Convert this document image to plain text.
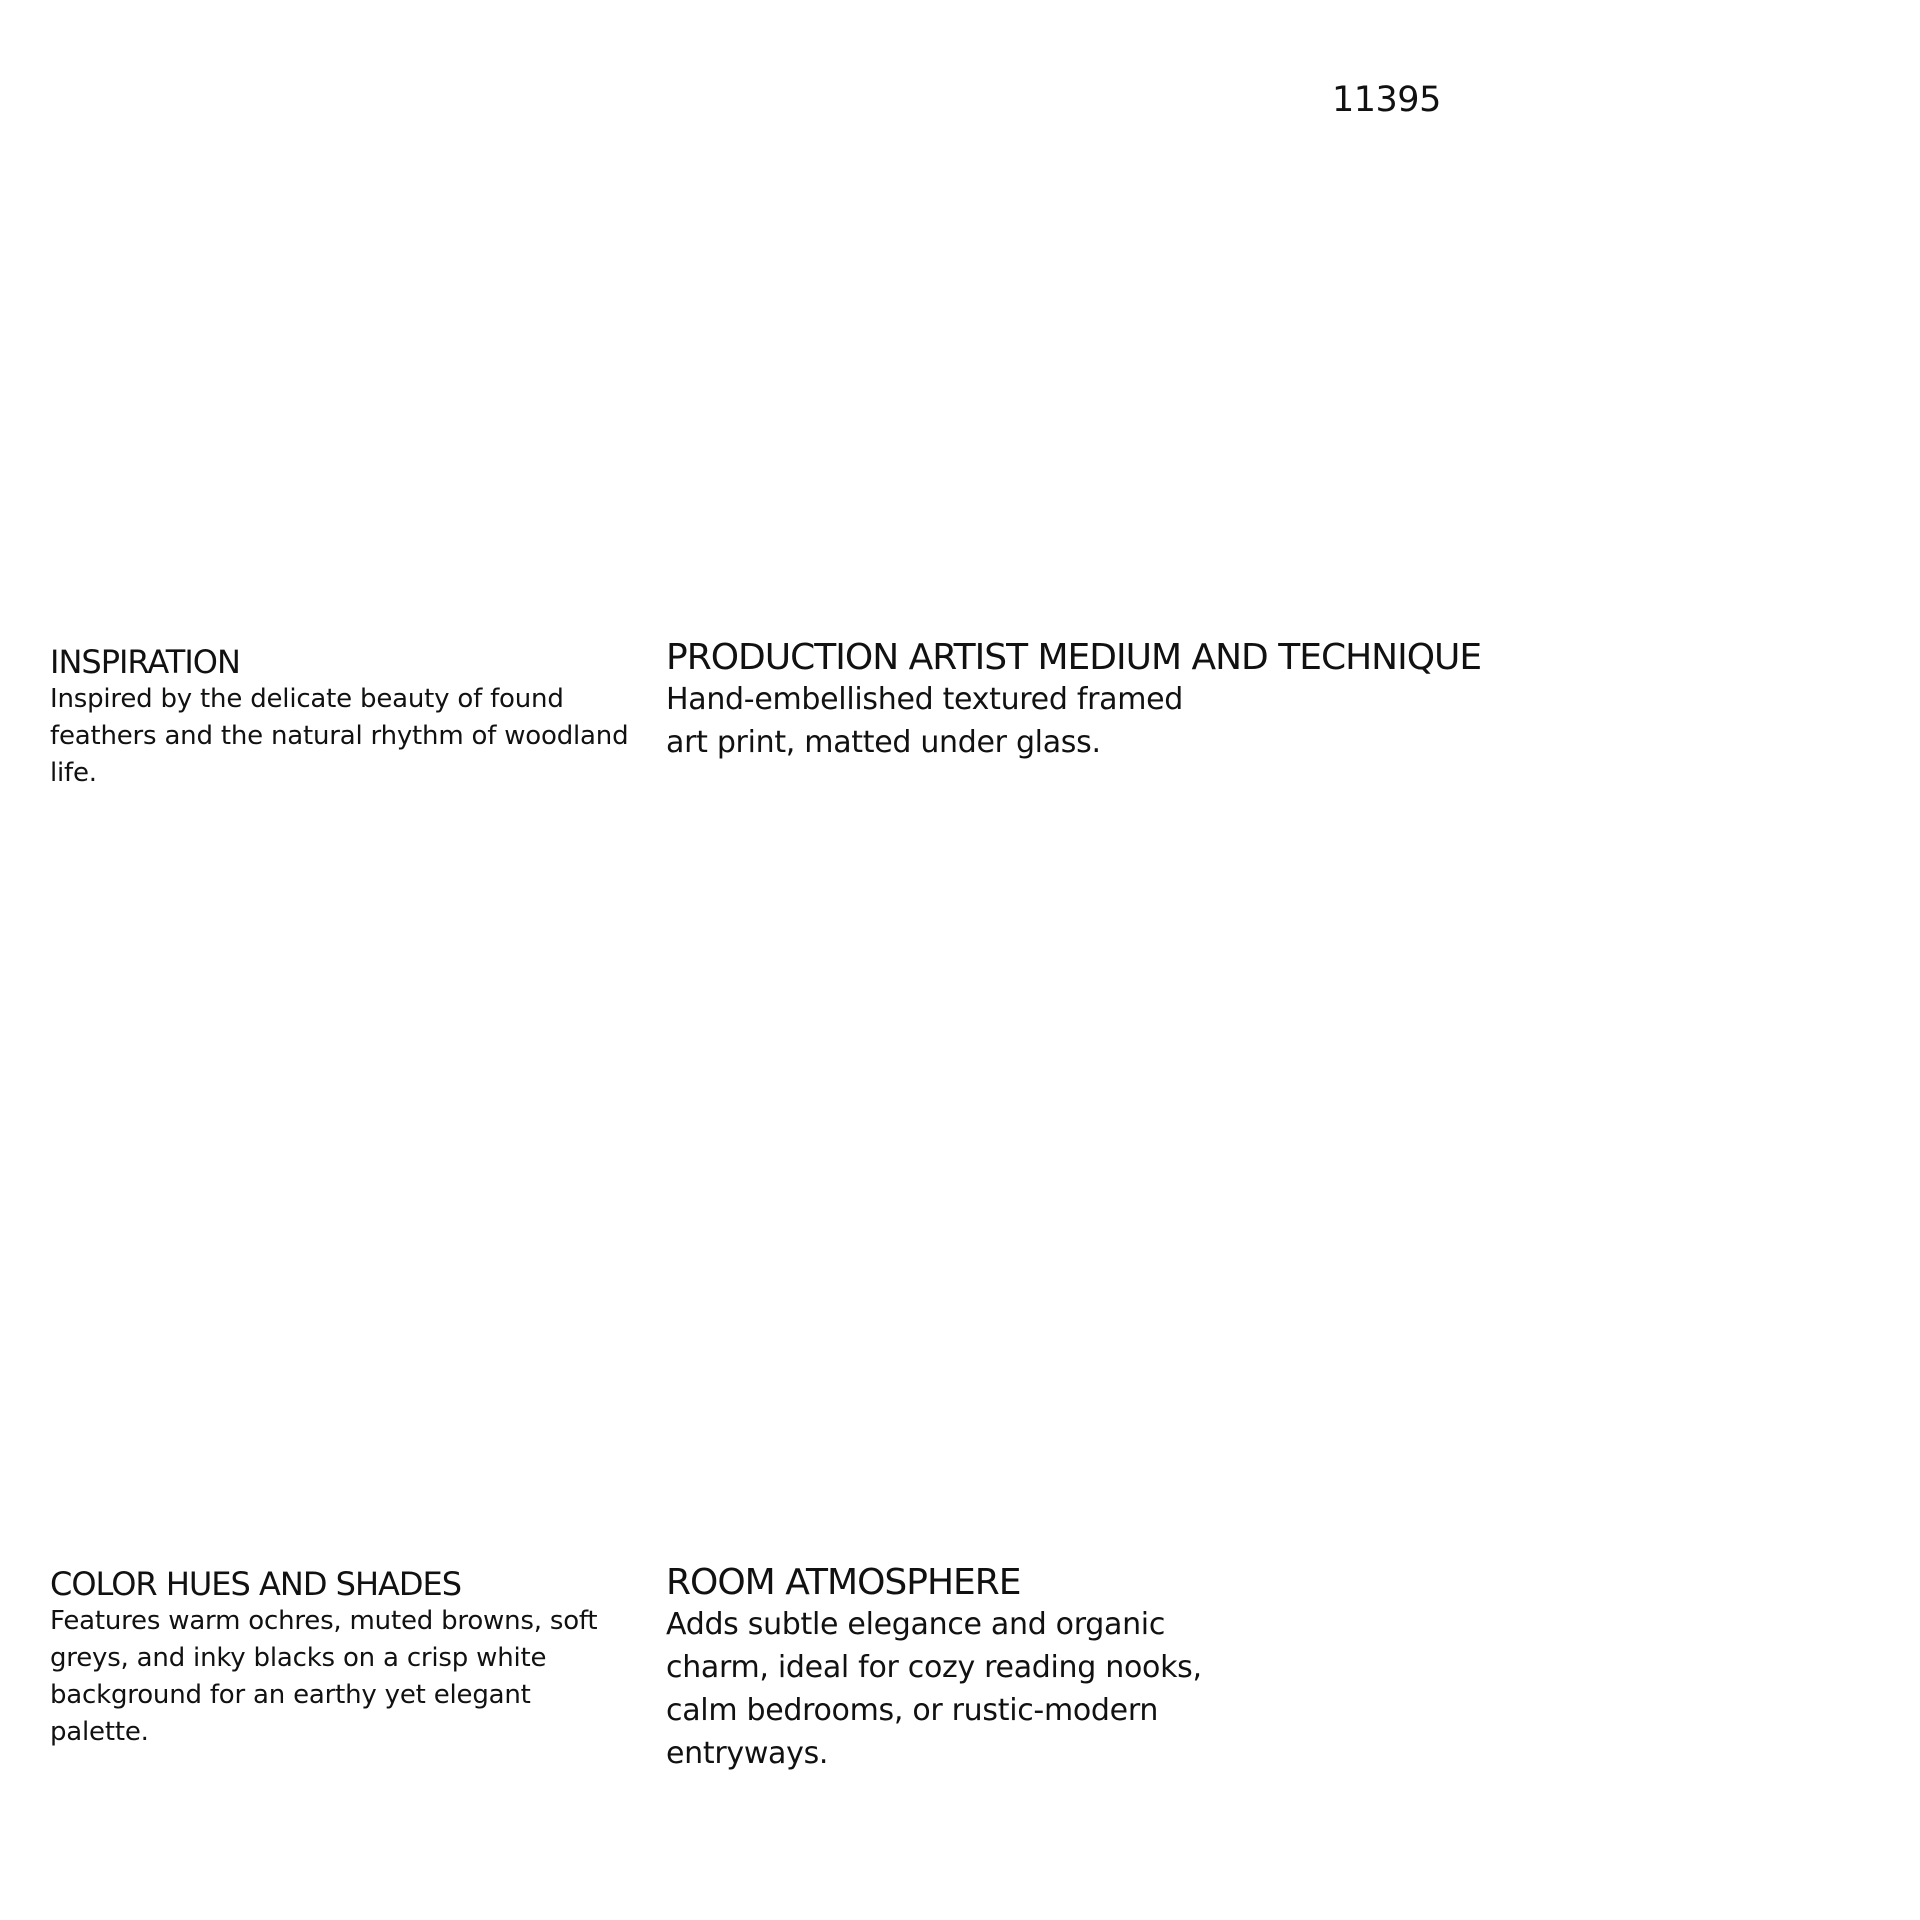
11395
INSPIRATION

Inspired by the delicate beauty of found feathers and the natural rhythm of woodland life.

PRODUCTION ARTIST MEDIUM AND TECHNIQUE

Hand-embellished textured framed art print, matted under glass.

COLOR HUES AND SHADES

Features warm ochres, muted browns, soft greys, and inky blacks on a crisp white background for an earthy yet elegant palette.

ROOM ATMOSPHERE

Adds subtle elegance and organic charm, ideal for cozy reading nooks, calm bedrooms, or rustic-modern entryways.
